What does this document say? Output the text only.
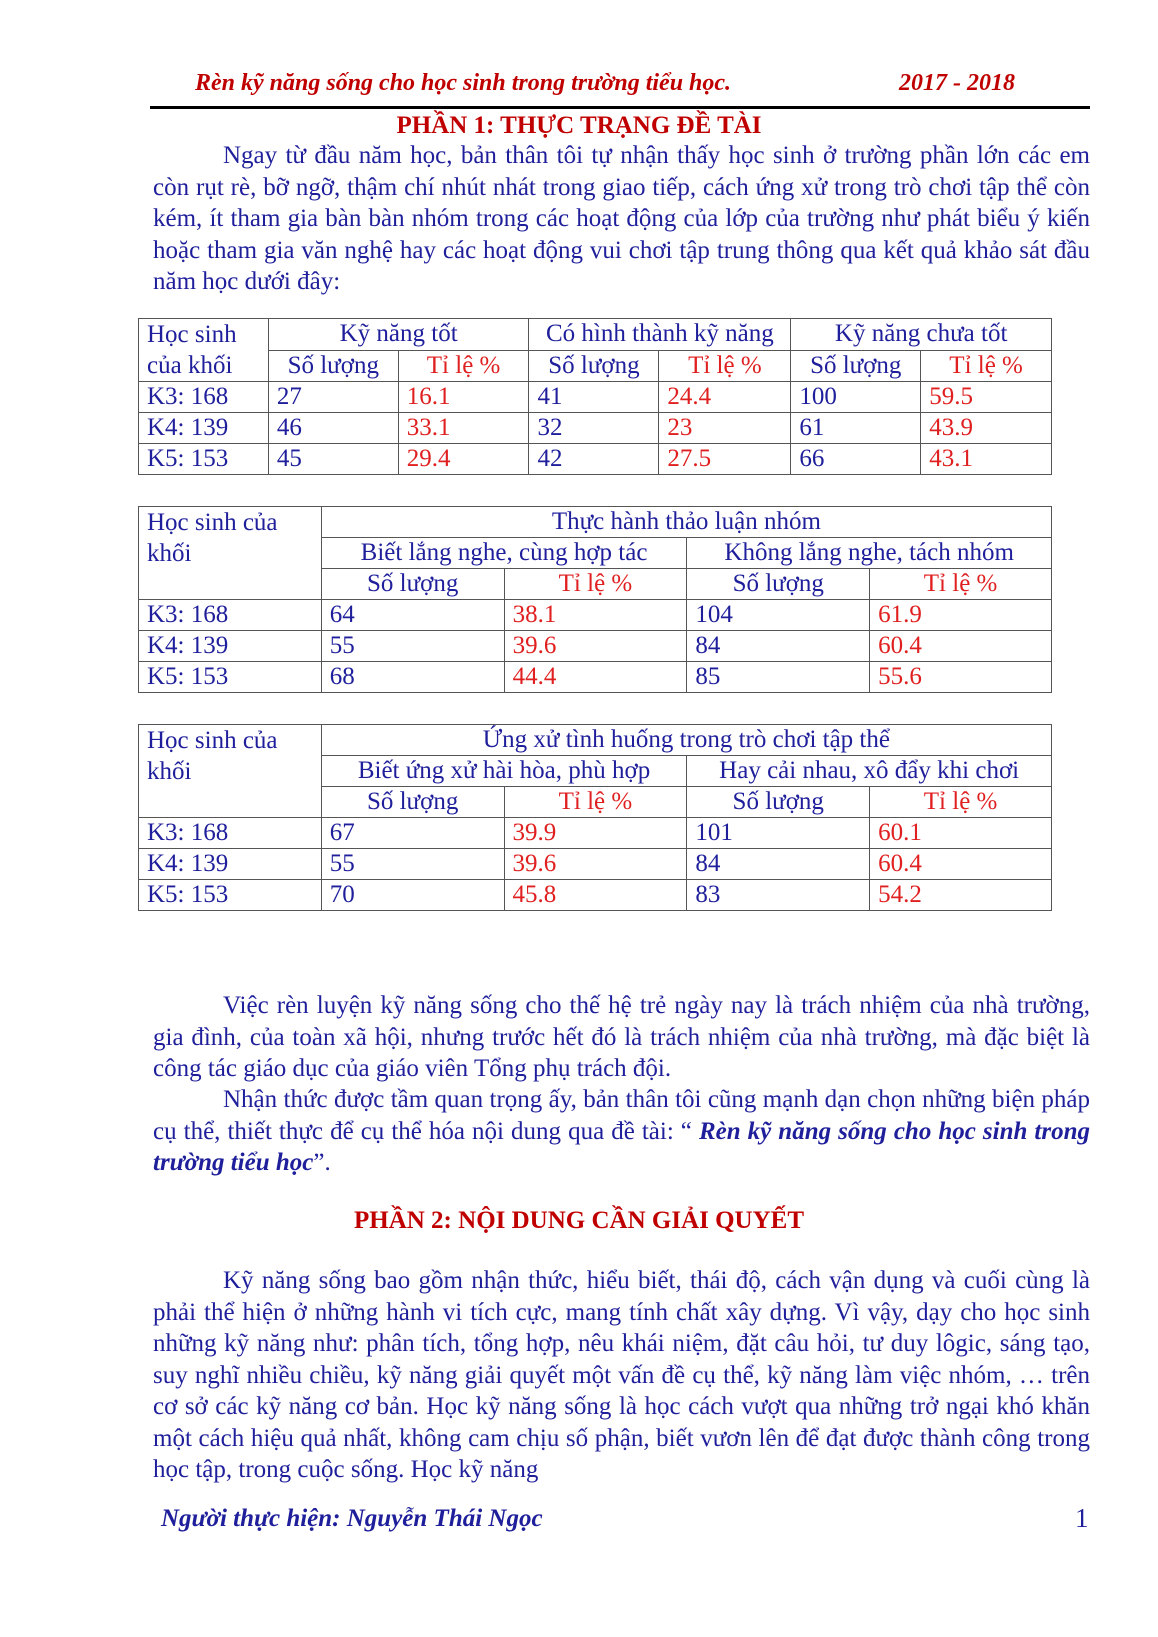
Rèn kỹ năng sống cho học sinh trong trường tiểu học.	2017 - 2018
PHẦN 1: THỰC TRẠNG ĐỀ TÀI
Ngay từ đầu năm học, bản thân tôi tự nhận thấy học sinh ở trường phần lớn các em còn rụt rè, bỡ ngỡ, thậm chí nhút nhát trong giao tiếp, cách ứng xử trong trò chơi tập thể còn kém, ít tham gia bàn bàn nhóm trong các hoạt động của lớp của trường như phát biểu ý kiến hoặc tham gia văn nghệ hay các hoạt động vui chơi tập trung thông qua kết quả khảo sát đầu năm học dưới đây:
Học sinh
của khối	Kỹ năng tốt		Có hình thành kỹ năng		Kỹ năng chưa tốt	
	Số lượng	Tỉ lệ %	Số lượng	Tỉ lệ %	Số lượng	Tỉ lệ %
K3: 168	27	16.1	41	24.4	100	59.5
K4: 139	46	33.1	32	23	61	43.9
K5: 153	45	29.4	42	27.5	66	43.1
Học sinh của
khối	Thực hành thảo luận nhóm			
	Biết lắng nghe, cùng hợp tác		Không lắng nghe, tách nhóm	
	Số lượng	Tỉ lệ %	Số lượng	Tỉ lệ %
K3: 168	64	38.1	104	61.9
K4: 139	55	39.6	84	60.4
K5: 153	68	44.4	85	55.6
Học sinh của
khối	Ứng xử tình huống trong trò chơi tập thể			
	Biết ứng xử hài hòa, phù hợp		Hay cải nhau, xô đẩy khi chơi	
	Số lượng	Tỉ lệ %	Số lượng	Tỉ lệ %
K3: 168	67	39.9	101	60.1
K4: 139	55	39.6	84	60.4
K5: 153	70	45.8	83	54.2
Việc rèn luyện kỹ năng sống cho thế hệ trẻ ngày nay là trách nhiệm của nhà trường, gia đình, của toàn xã hội, nhưng trước hết đó là trách nhiệm của nhà trường, mà đặc biệt là công tác giáo dục của giáo viên Tổng phụ trách đội.
Nhận thức được tầm quan trọng ấy, bản thân tôi cũng mạnh dạn chọn những biện pháp cụ thể, thiết thực để cụ thể hóa nội dung qua đề tài: “ Rèn kỹ năng sống cho học sinh trong trường tiểu học”.
PHẦN 2: NỘI DUNG CẦN GIẢI QUYẾT
Kỹ năng sống bao gồm nhận thức, hiểu biết, thái độ, cách vận dụng và cuối cùng là phải thể hiện ở những hành vi tích cực, mang tính chất xây dựng. Vì vậy, dạy cho học sinh những kỹ năng như: phân tích, tổng hợp, nêu khái niệm, đặt câu hỏi, tư duy lôgic, sáng tạo, suy nghĩ nhiều chiều, kỹ năng giải quyết một vấn đề cụ thể, kỹ năng làm việc nhóm, … trên cơ sở các kỹ năng cơ bản. Học kỹ năng sống là học cách vượt qua những trở ngại khó khăn một cách hiệu quả nhất, không cam chịu số phận, biết vươn lên để đạt được thành công trong học tập, trong cuộc sống. Học kỹ năng
Người thực hiện: Nguyễn Thái Ngọc	1
